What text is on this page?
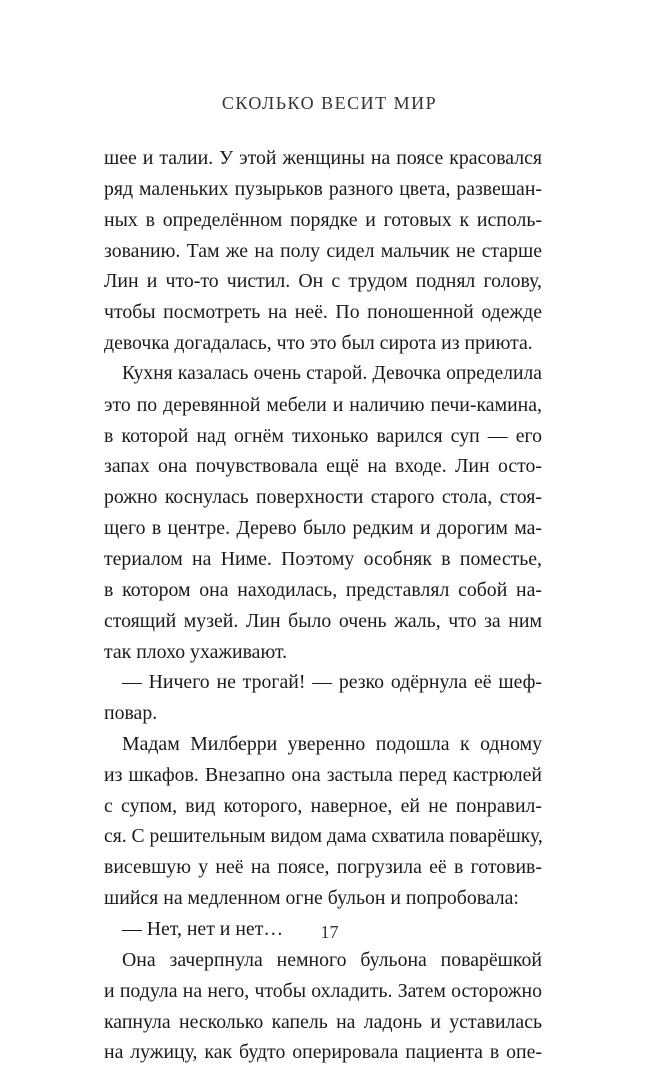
СКОЛЬКО ВЕСИТ МИР
шее и талии. У этой женщины на поясе красовался
ряд маленьких пузырьков разного цвета, развешан-
ных в определённом порядке и готовых к исполь-
зованию. Там же на полу сидел мальчик не старше
Лин и что-то чистил. Он с трудом поднял голову,
чтобы посмотреть на неё. По поношенной одежде
девочка догадалась, что это был сирота из приюта.
Кухня казалась очень старой. Девочка определила
это по деревянной мебели и наличию печи-камина,
в которой над огнём тихонько варился суп — его
запах она почувствовала ещё на входе. Лин осто-
рожно коснулась поверхности старого стола, стоя-
щего в центре. Дерево было редким и дорогим ма-
териалом на Ниме. Поэтому особняк в поместье,
в котором она находилась, представлял собой на-
стоящий музей. Лин было очень жаль, что за ним
так плохо ухаживают.
— Ничего не трогай! — резко одёрнула её шеф-
повар.
Мадам Милберри уверенно подошла к одному
из шкафов. Внезапно она застыла перед кастрюлей
с супом, вид которого, наверное, ей не понравил-
ся. С решительным видом дама схватила поварёшку,
висевшую у неё на поясе, погрузила её в готовив-
шийся на медленном огне бульон и попробовала:
— Нет, нет и нет…
Она зачерпнула немного бульона поварёшкой
и подула на него, чтобы охладить. Затем осторожно
капнула несколько капель на ладонь и уставилась
на лужицу, как будто оперировала пациента в опе-
17
